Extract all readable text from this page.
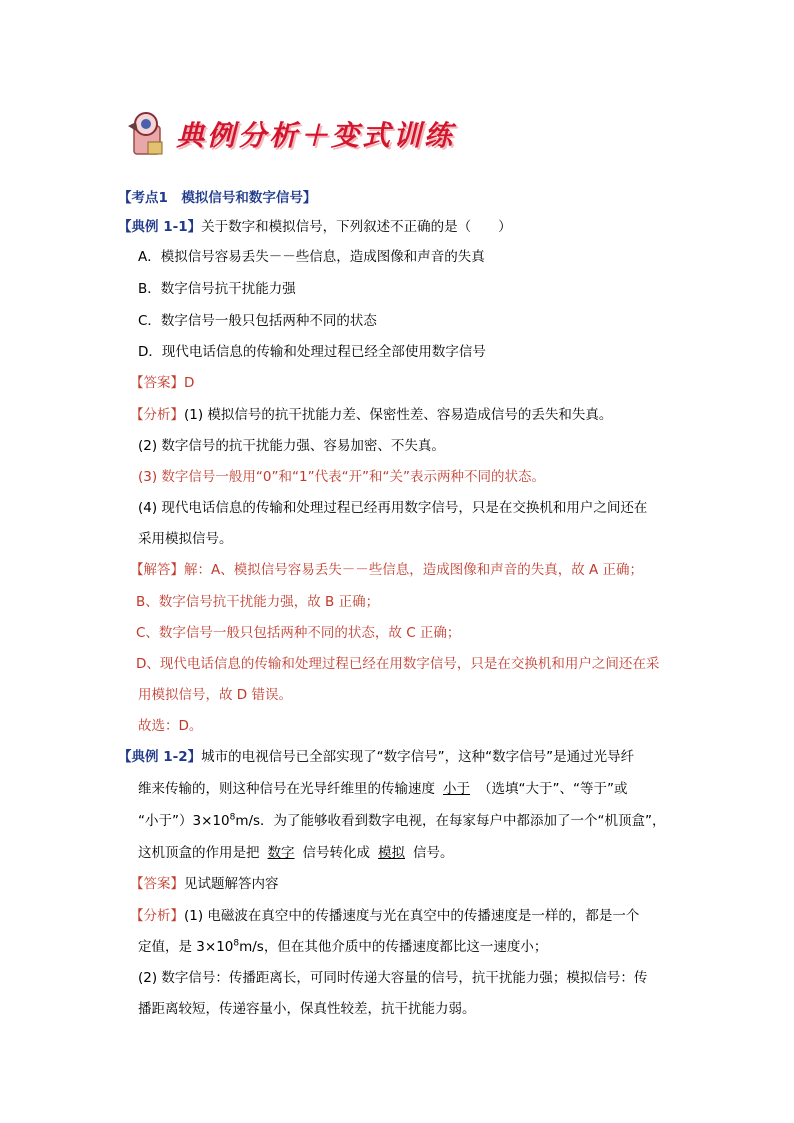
典例分析＋变式训练
【考点1　模拟信号和数字信号】
【典例 1-1】关于数字和模拟信号，下列叙述不正确的是（　　）
A．模拟信号容易丢失－－些信息，造成图像和声音的失真
B．数字信号抗干扰能力强
C．数字信号一般只包括两种不同的状态
D．现代电话信息的传输和处理过程已经全部使用数字信号
【答案】D
【分析】(1) 模拟信号的抗干扰能力差、保密性差、容易造成信号的丢失和失真。
(2) 数字信号的抗干扰能力强、容易加密、不失真。
(3) 数字信号一般用“0”和“1”代表“开”和“关”表示两种不同的状态。
(4) 现代电话信息的传输和处理过程已经再用数字信号，只是在交换机和用户之间还在
采用模拟信号。
【解答】解：A、模拟信号容易丢失－－些信息，造成图像和声音的失真，故 A 正确；
B、数字信号抗干扰能力强，故 B 正确；
C、数字信号一般只包括两种不同的状态，故 C 正确；
D、现代电话信息的传输和处理过程已经在用数字信号，只是在交换机和用户之间还在采
用模拟信号，故 D 错误。
故选：D。
【典例 1-2】城市的电视信号已全部实现了“数字信号”，这种“数字信号”是通过光导纤
维来传输的，则这种信号在光导纤维里的传输速度 小于 （选填“大于”、“等于”或
“小于$”)3\times 10^8m/s$．为了能够收看到数字电视，在每家每户中都添加了一个“机顶盒”，
这机顶盒的作用是把 数字 信号转化成 模拟 信号。
【答案】见试题解答内容
【分析】(1) 电磁波在真空中的传播速度与光在真空中的传播速度是一样的，都是一个
定值，是 $3\times 10^8m/s$，但在其他介质中的传播速度都比这一速度小；
(2) 数字信号：传播距离长，可同时传递大容量的信号，抗干扰能力强；模拟信号：传
播距离较短，传递容量小，保真性较差，抗干扰能力弱。
